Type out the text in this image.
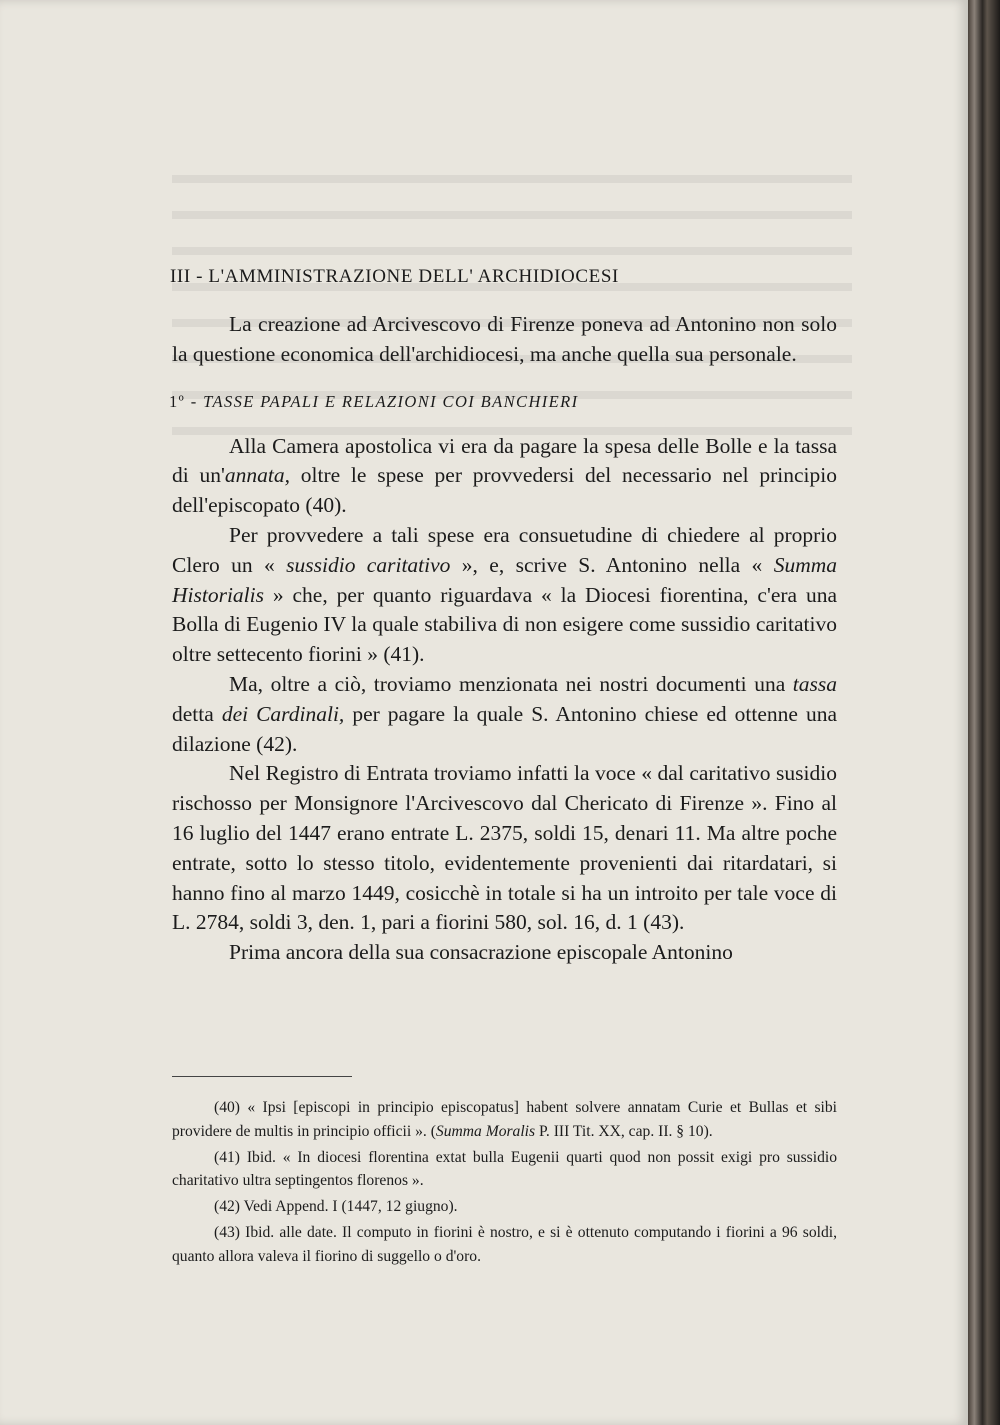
III - L'AMMINISTRAZIONE DELL' ARCHIDIOCESI

La creazione ad Arcivescovo di Firenze poneva ad Antonino non solo la questione economica dell'archidiocesi, ma anche quella sua personale.

1º - TASSE PAPALI E RELAZIONI COI BANCHIERI

Alla Camera apostolica vi era da pagare la spesa delle Bolle e la tassa di un'annata, oltre le spese per provvedersi del necessario nel principio dell'episcopato (40).

Per provvedere a tali spese era consuetudine di chiedere al proprio Clero un « sussidio caritativo », e, scrive S. Antonino nella « Summa Historialis » che, per quanto riguardava « la Diocesi fiorentina, c'era una Bolla di Eugenio IV la quale stabiliva di non esigere come sussidio caritativo oltre settecento fiorini » (41).

Ma, oltre a ciò, troviamo menzionata nei nostri documenti una tassa detta dei Cardinali, per pagare la quale S. Antonino chiese ed ottenne una dilazione (42).

Nel Registro di Entrata troviamo infatti la voce « dal caritativo susidio rischosso per Monsignore l'Arcivescovo dal Chericato di Firenze ». Fino al 16 luglio del 1447 erano entrate L. 2375, soldi 15, denari 11. Ma altre poche entrate, sotto lo stesso titolo, evidentemente provenienti dai ritardatari, si hanno fino al marzo 1449, cosicchè in totale si ha un introito per tale voce di L. 2784, soldi 3, den. 1, pari a fiorini 580, sol. 16, d. 1 (43).

Prima ancora della sua consacrazione episcopale Antonino

(40) « Ipsi [episcopi in principio episcopatus] habent solvere annatam Curie et Bullas et sibi providere de multis in principio officii ». (Summa Moralis P. III Tit. XX, cap. II. § 10).

(41) Ibid. « In diocesi florentina extat bulla Eugenii quarti quod non possit exigi pro sussidio charitativo ultra septingentos florenos ».

(42) Vedi Append. I (1447, 12 giugno).

(43) Ibid. alle date. Il computo in fiorini è nostro, e si è ottenuto computando i fiorini a 96 soldi, quanto allora valeva il fiorino di suggello o d'oro.
